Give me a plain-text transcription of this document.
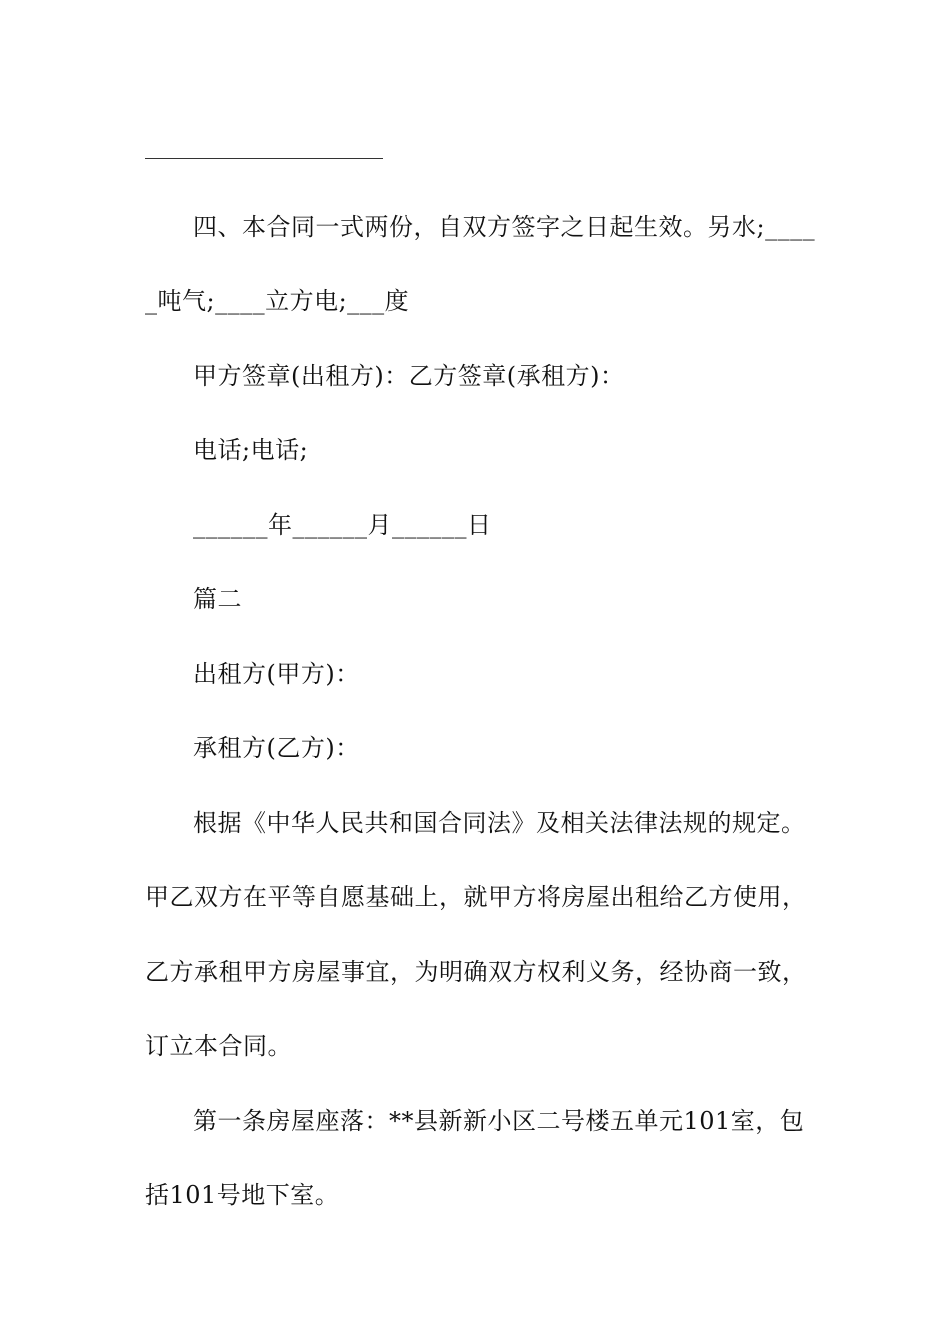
四、本合同一式两份，自双方签字之日起生效。另水;____
_吨气;____立方电;___度
甲方签章(出租方)：乙方签章(承租方)：
电话;电话;
______年______月______日
篇二
出租方(甲方)：
承租方(乙方)：
根据《中华人民共和国合同法》及相关法律法规的规定。
甲乙双方在平等自愿基础上，就甲方将房屋出租给乙方使用，
乙方承租甲方房屋事宜，为明确双方权利义务，经协商一致，
订立本合同。
第一条房屋座落：**县新新小区二号楼五单元101室，包
括101号地下室。
